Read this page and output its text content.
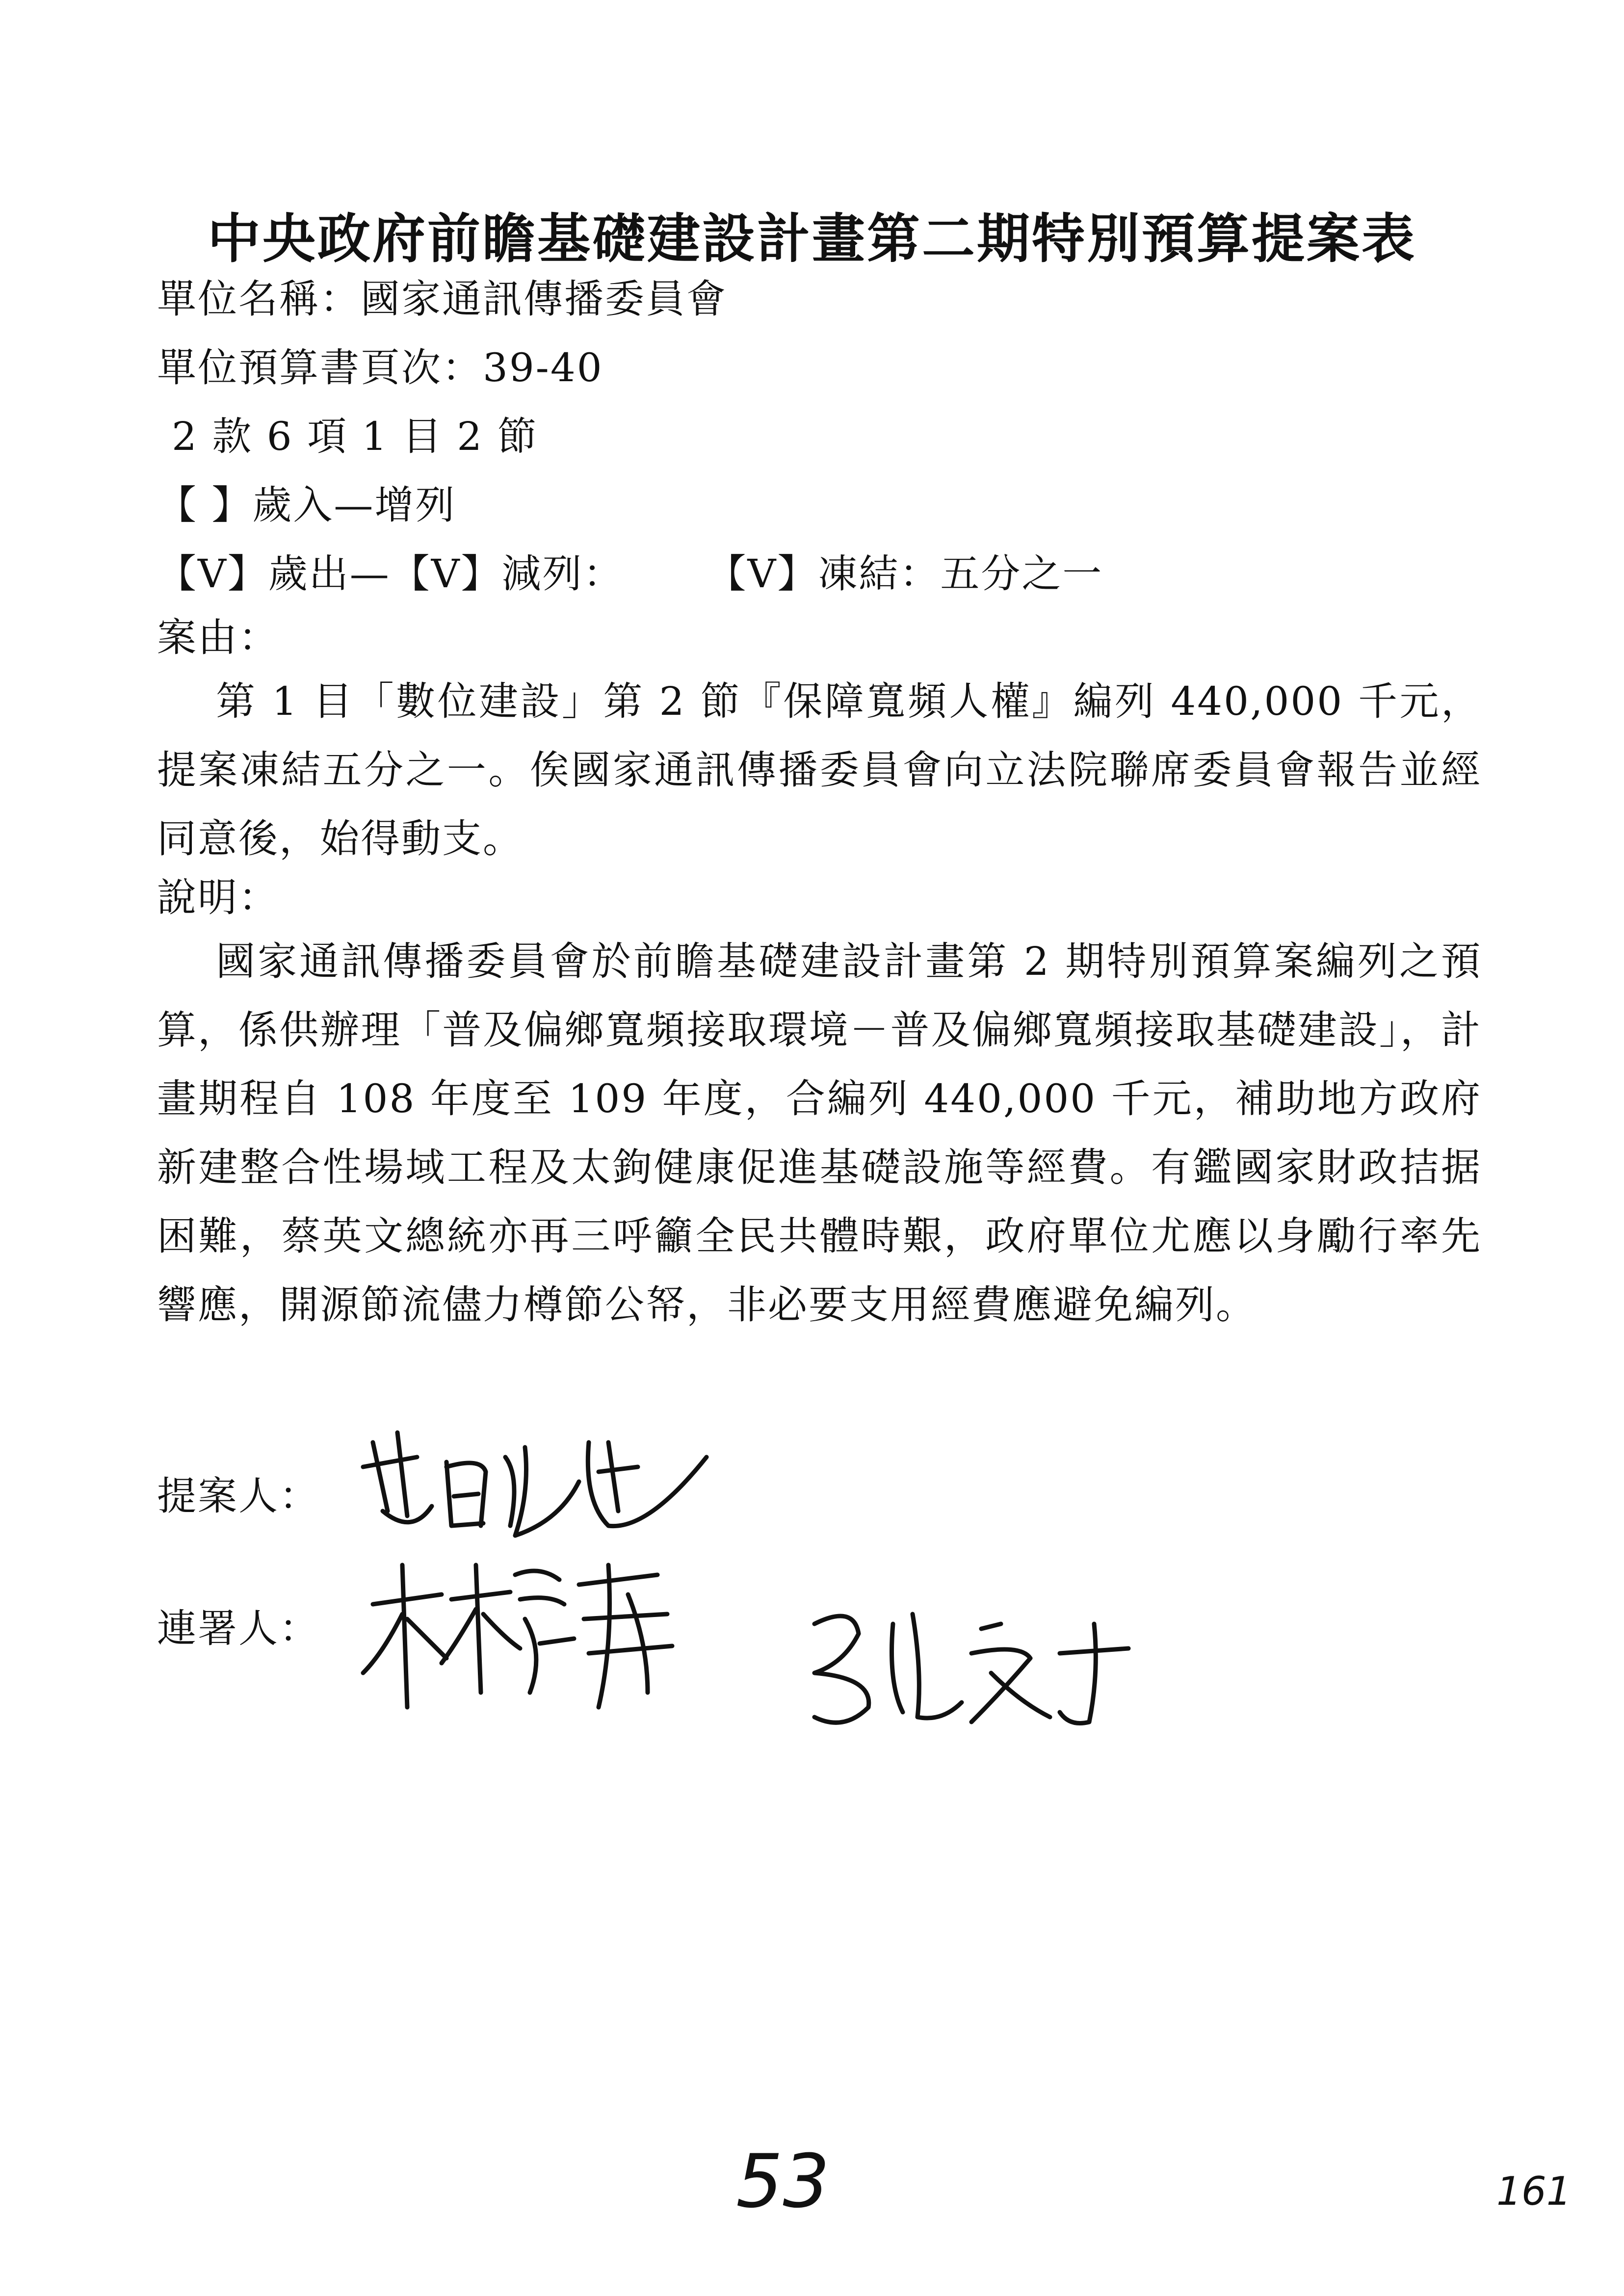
中央政府前瞻基礎建設計畫第二期特別預算提案表
單位名稱：國家通訊傳播委員會
單位預算書頁次：39-40
2 款 6 項 1 目 2 節
【 】歲入—增列
【V】歲出—【V】減列：　　　【V】凍結：五分之一
案由：
第 1 目「數位建設」第 2 節『保障寬頻人權』編列 440,000 千元，提案凍結五分之一。俟國家通訊傳播委員會向立法院聯席委員會報告並經同意後，始得動支。
說明：
國家通訊傳播委員會於前瞻基礎建設計畫第 2 期特別預算案編列之預算，係供辦理「普及偏鄉寬頻接取環境－普及偏鄉寬頻接取基礎建設」，計畫期程自 108 年度至 109 年度，合編列 440,000 千元，補助地方政府新建整合性場域工程及太鉤健康促進基礎設施等經費。有鑑國家財政拮据困難，蔡英文總統亦再三呼籲全民共體時艱，政府單位尤應以身勵行率先響應，開源節流儘力樽節公帑，非必要支用經費應避免編列。
提案人：
連署人：
53	161
